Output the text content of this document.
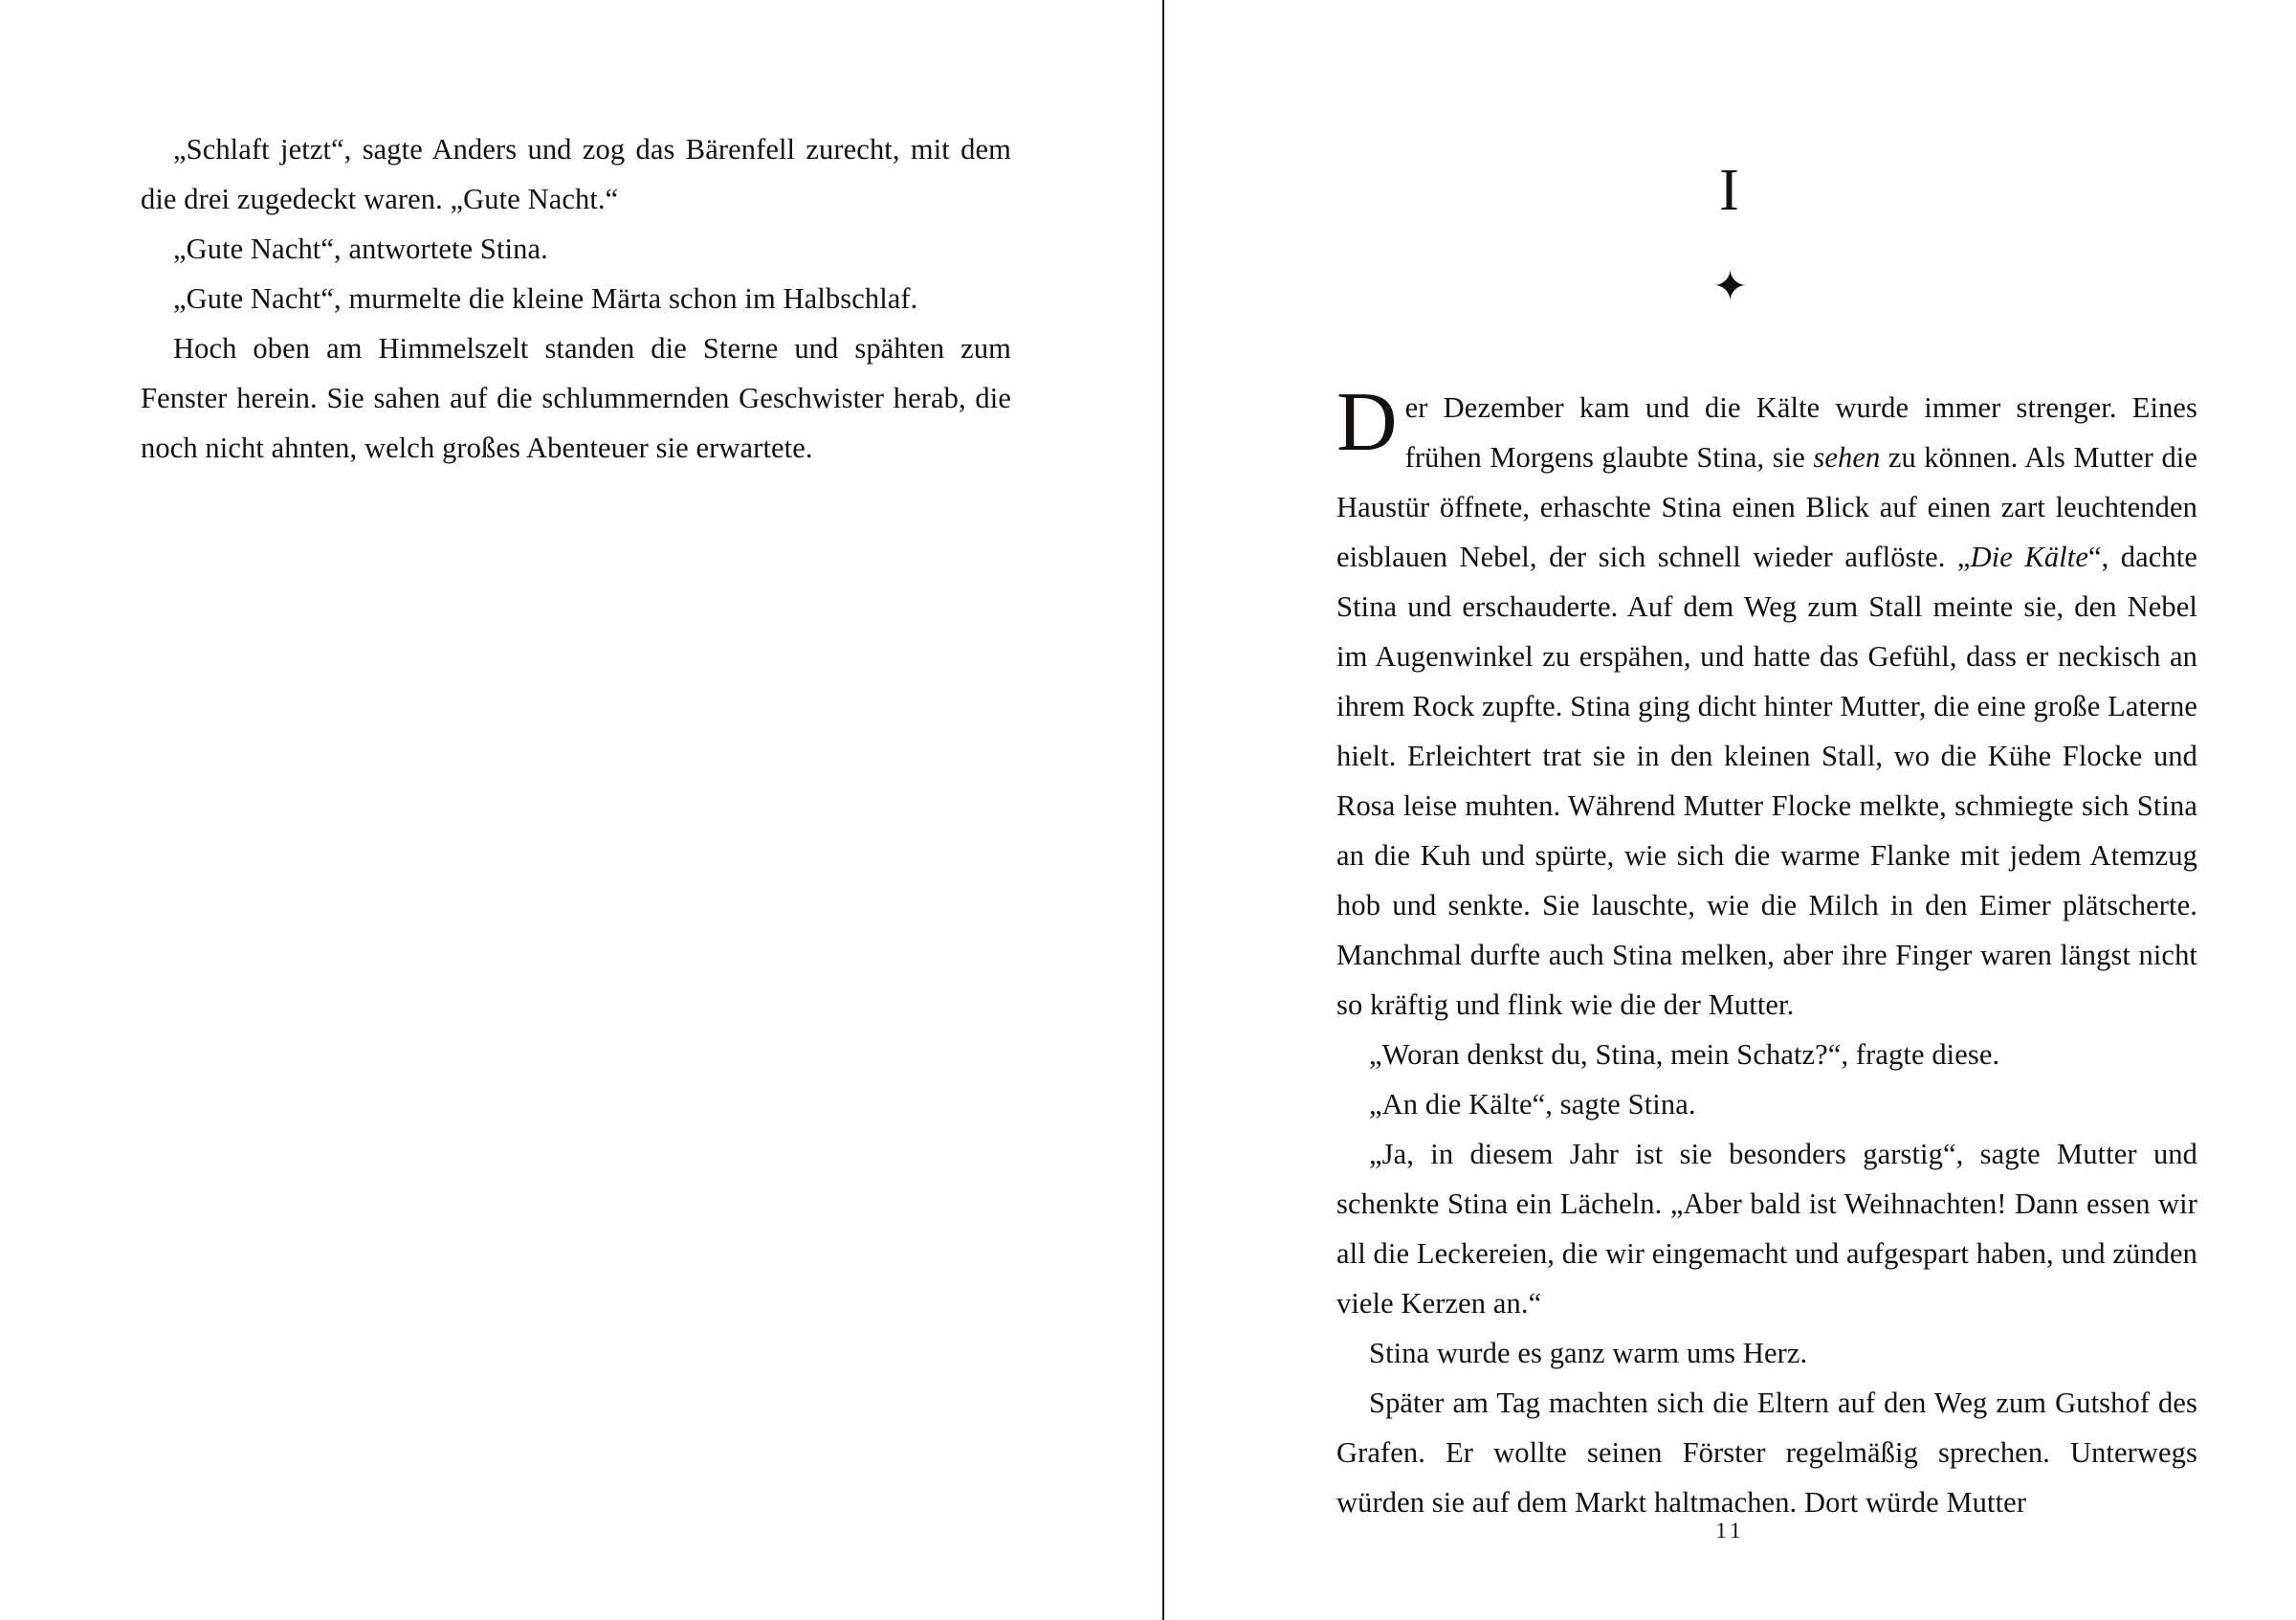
„Schlaft jetzt“, sagte Anders und zog das Bärenfell zurecht, mit dem die drei zugedeckt waren. „Gute Nacht.“

„Gute Nacht“, antwortete Stina.

„Gute Nacht“, murmelte die kleine Märta schon im Halbschlaf.

Hoch oben am Himmelszelt standen die Sterne und spähten zum Fenster herein. Sie sahen auf die schlummernden Geschwister herab, die noch nicht ahnten, welch großes Abenteuer sie erwartete.

I
✦

Der Dezember kam und die Kälte wurde immer strenger. Eines frühen Morgens glaubte Stina, sie sehen zu können. Als Mutter die Haustür öffnete, erhaschte Stina einen Blick auf einen zart leuchtenden eisblauen Nebel, der sich schnell wieder auflöste. „Die Kälte“, dachte Stina und erschauderte. Auf dem Weg zum Stall meinte sie, den Nebel im Augenwinkel zu erspähen, und hatte das Gefühl, dass er neckisch an ihrem Rock zupfte. Stina ging dicht hinter Mutter, die eine große Laterne hielt. Erleichtert trat sie in den kleinen Stall, wo die Kühe Flocke und Rosa leise muhten. Während Mutter Flocke melkte, schmiegte sich Stina an die Kuh und spürte, wie sich die warme Flanke mit jedem Atemzug hob und senkte. Sie lauschte, wie die Milch in den Eimer plätscherte. Manchmal durfte auch Stina melken, aber ihre Finger waren längst nicht so kräftig und flink wie die der Mutter.

„Woran denkst du, Stina, mein Schatz?“, fragte diese.

„An die Kälte“, sagte Stina.

„Ja, in diesem Jahr ist sie besonders garstig“, sagte Mutter und schenkte Stina ein Lächeln. „Aber bald ist Weihnachten! Dann essen wir all die Leckereien, die wir eingemacht und aufgespart haben, und zünden viele Kerzen an.“

Stina wurde es ganz warm ums Herz.

Später am Tag machten sich die Eltern auf den Weg zum Gutshof des Grafen. Er wollte seinen Förster regelmäßig sprechen. Unterwegs würden sie auf dem Markt haltmachen. Dort würde Mutter

11
